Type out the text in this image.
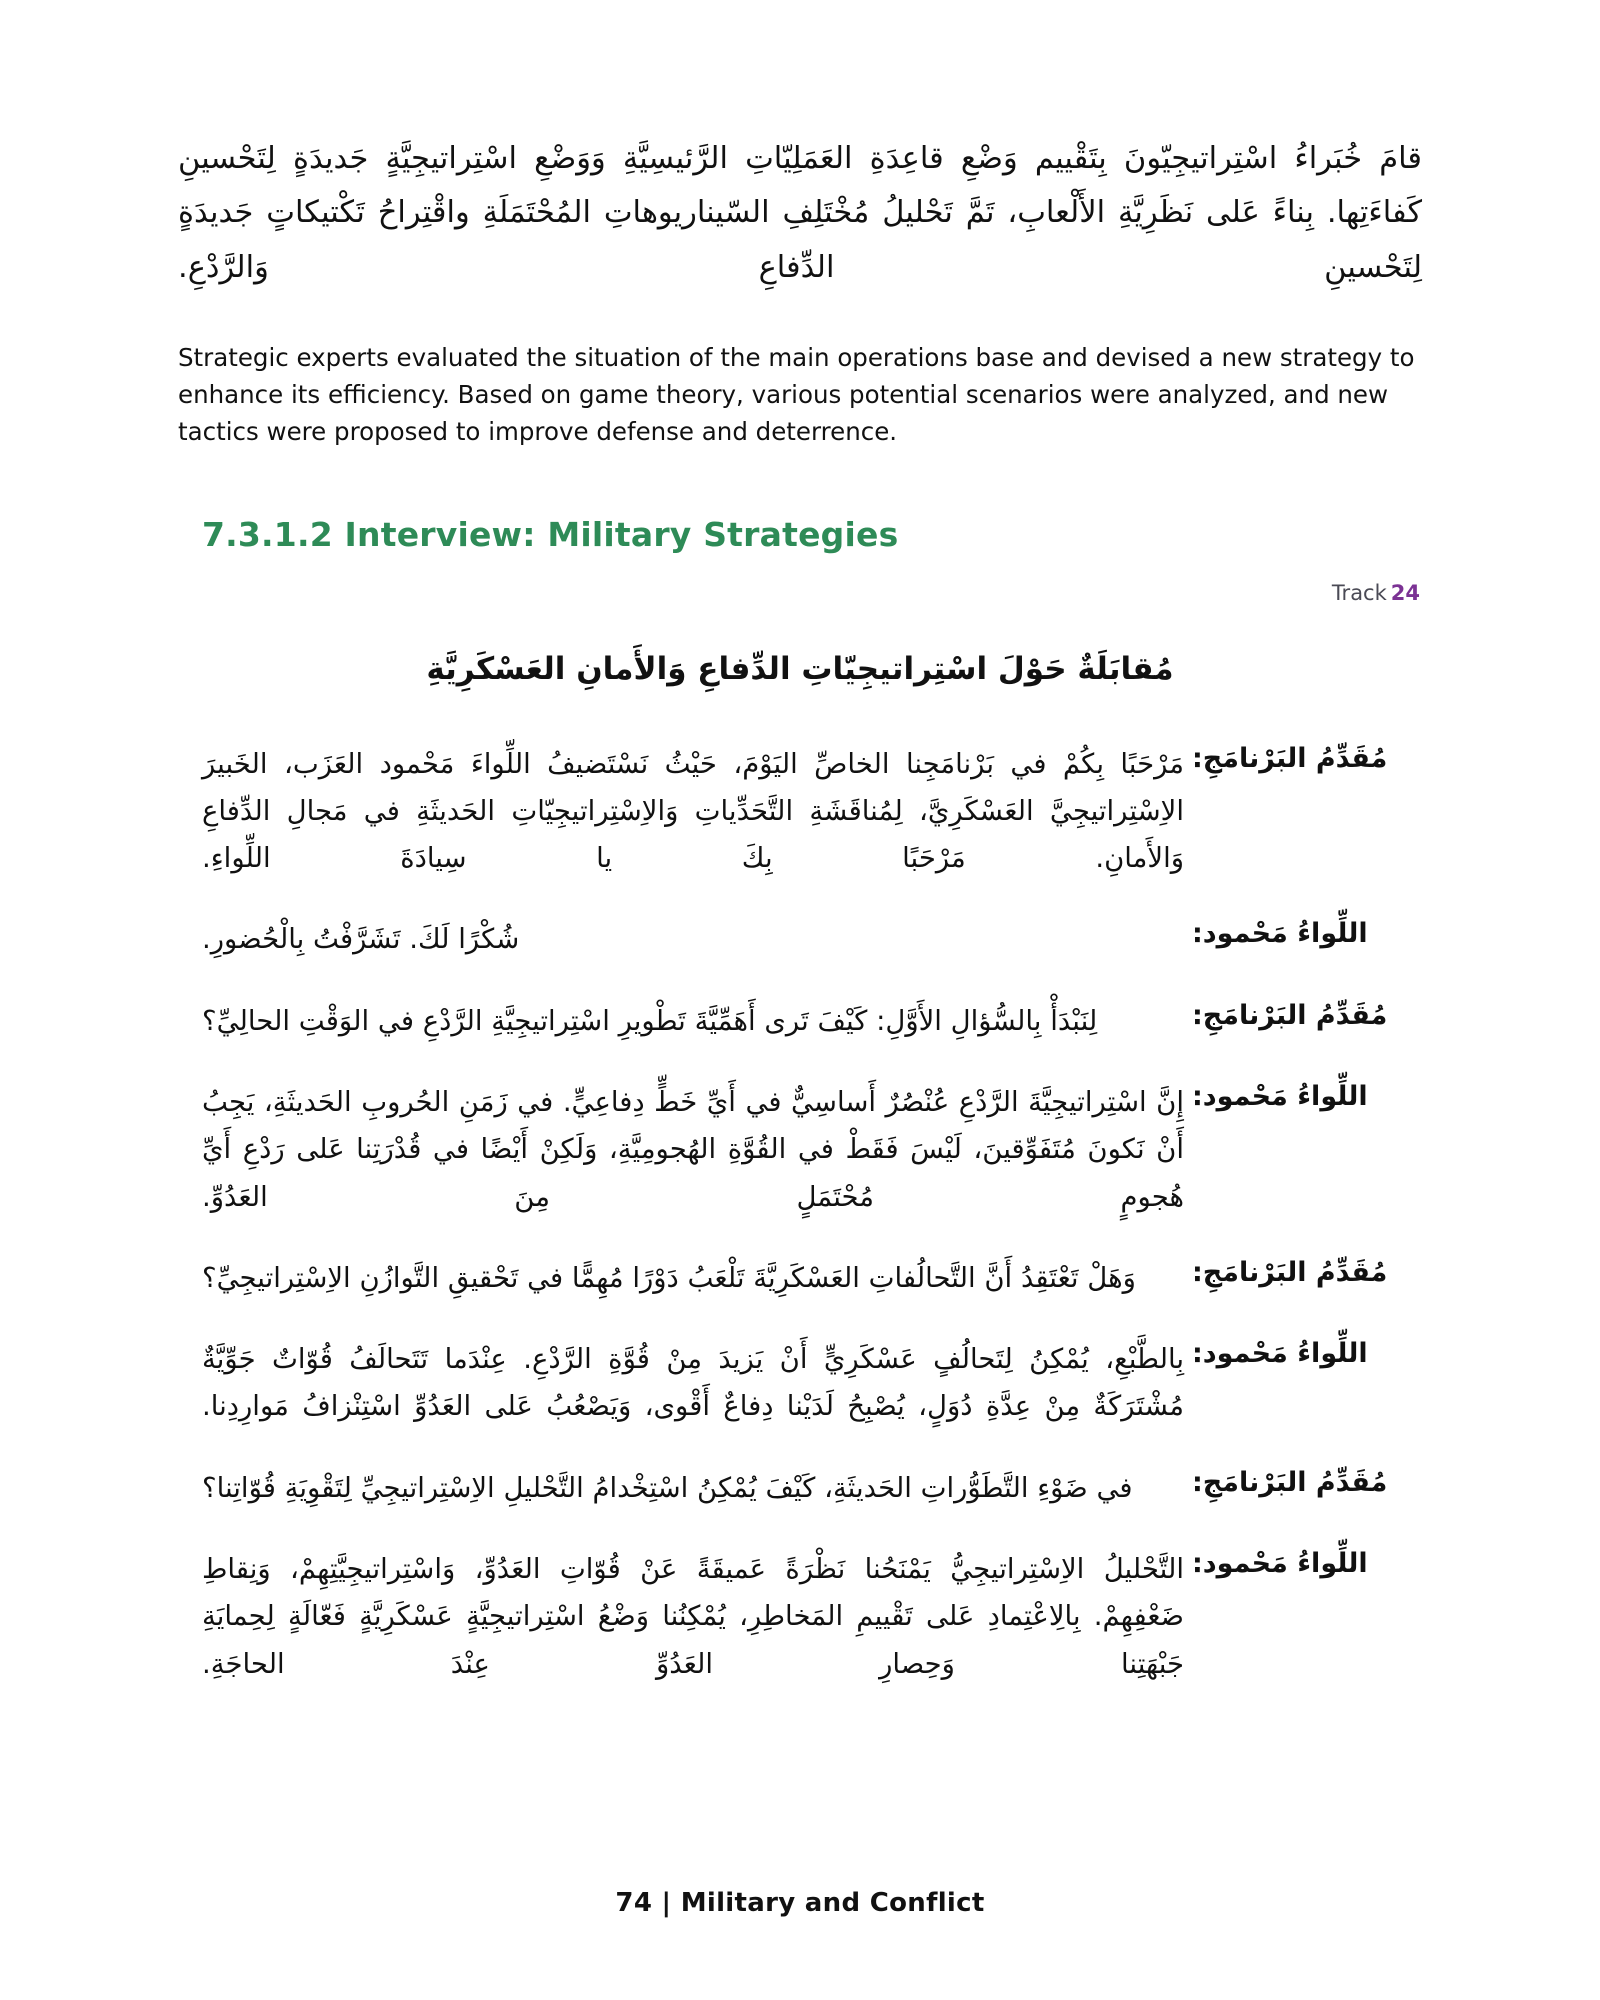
قامَ خُبَراءُ اسْتِراتيجِيّونَ بِتَقْييم وَضْعِ قاعِدَةِ العَمَلِيّاتِ الرَّئيسِيَّةِ وَوَضْعِ اسْتِراتيجِيَّةٍ جَديدَةٍ لِتَحْسينِ كَفاءَتِها. بِناءً عَلى نَظَرِيَّةِ الأَلْعابِ، تَمَّ تَحْليلُ مُخْتَلِفِ السّيناريوهاتِ المُحْتَمَلَةِ واقْتِراحُ تَكْتيكاتٍ جَديدَةٍ لِتَحْسينِ الدِّفاعِ وَالرَّدْعِ.

Strategic experts evaluated the situation of the main operations base and devised a new strategy to enhance its efficiency. Based on game theory, various potential scenarios were analyzed, and new tactics were proposed to improve defense and deterrence.

7.3.1.2 Interview: Military Strategies
Track 24
مُقابَلَةٌ حَوْلَ اسْتِراتيجِيّاتِ الدِّفاعِ وَالأَمانِ العَسْكَرِيَّةِ
مُقَدِّمُ البَرْنامَجِ:
مَرْحَبًا بِكُمْ في بَرْنامَجِنا الخاصِّ اليَوْمَ، حَيْثُ نَسْتَضيفُ اللِّواءَ مَحْمود العَزَب، الخَبيرَ الاِسْتِراتيجِيَّ العَسْكَرِيَّ، لِمُناقَشَةِ التَّحَدِّياتِ وَالاِسْتِراتيجِيّاتِ الحَديثَةِ في مَجالِ الدِّفاعِ وَالأَمانِ. مَرْحَبًا بِكَ يا سِيادَةَ اللِّواءِ.
اللِّواءُ مَحْمود:
شُكْرًا لَكَ. تَشَرَّفْتُ بِالْحُضورِ.
مُقَدِّمُ البَرْنامَجِ:
لِنَبْدَأْ بِالسُّؤالِ الأَوَّلِ: كَيْفَ تَرى أَهَمِّيَّةَ تَطْويرِ اسْتِراتيجِيَّةِ الرَّدْعِ في الوَقْتِ الحالِيِّ؟
اللِّواءُ مَحْمود:
إِنَّ اسْتِراتيجِيَّةَ الرَّدْعِ عُنْصُرٌ أَساسِيٌّ في أَيِّ خَطٍّ دِفاعِيٍّ. في زَمَنِ الحُروبِ الحَديثَةِ، يَجِبُ أَنْ نَكونَ مُتَفَوِّقينَ، لَيْسَ فَقَطْ في القُوَّةِ الهُجومِيَّةِ، وَلَكِنْ أَيْضًا في قُدْرَتِنا عَلى رَدْعِ أَيِّ هُجومٍ مُحْتَمَلٍ مِنَ العَدُوِّ.
مُقَدِّمُ البَرْنامَجِ:
وَهَلْ تَعْتَقِدُ أَنَّ التَّحالُفاتِ العَسْكَرِيَّةَ تَلْعَبُ دَوْرًا مُهِمًّا في تَحْقيقِ التَّوازُنِ الاِسْتِراتيجِيِّ؟
اللِّواءُ مَحْمود:
بِالطَّبْعِ، يُمْكِنُ لِتَحالُفٍ عَسْكَرِيٍّ أَنْ يَزيدَ مِنْ قُوَّةِ الرَّدْعِ. عِنْدَما تَتَحالَفُ قُوّاتٌ جَوِّيَّةٌ مُشْتَرَكَةٌ مِنْ عِدَّةِ دُوَلٍ، يُصْبِحُ لَدَيْنا دِفاعٌ أَقْوى، وَيَصْعُبُ عَلى العَدُوِّ اسْتِنْزافُ مَوارِدِنا.
مُقَدِّمُ البَرْنامَجِ:
في ضَوْءِ التَّطَوُّراتِ الحَديثَةِ، كَيْفَ يُمْكِنُ اسْتِخْدامُ التَّحْليلِ الاِسْتِراتيجِيِّ لِتَقْوِيَةِ قُوّاتِنا؟
اللِّواءُ مَحْمود:
التَّحْليلُ الاِسْتِراتيجِيُّ يَمْنَحُنا نَظْرَةً عَميقَةً عَنْ قُوّاتِ العَدُوِّ، وَاسْتِراتيجِيَّتِهِمْ، وَنِقاطِ ضَعْفِهِمْ. بِالِاعْتِمادِ عَلى تَقْييمِ المَخاطِرِ، يُمْكِنُنا وَضْعُ اسْتِراتيجِيَّةٍ عَسْكَرِيَّةٍ فَعّالَةٍ لِحِمايَةِ جَبْهَتِنا وَحِصارِ العَدُوِّ عِنْدَ الحاجَةِ.
74 | Military and Conflict
